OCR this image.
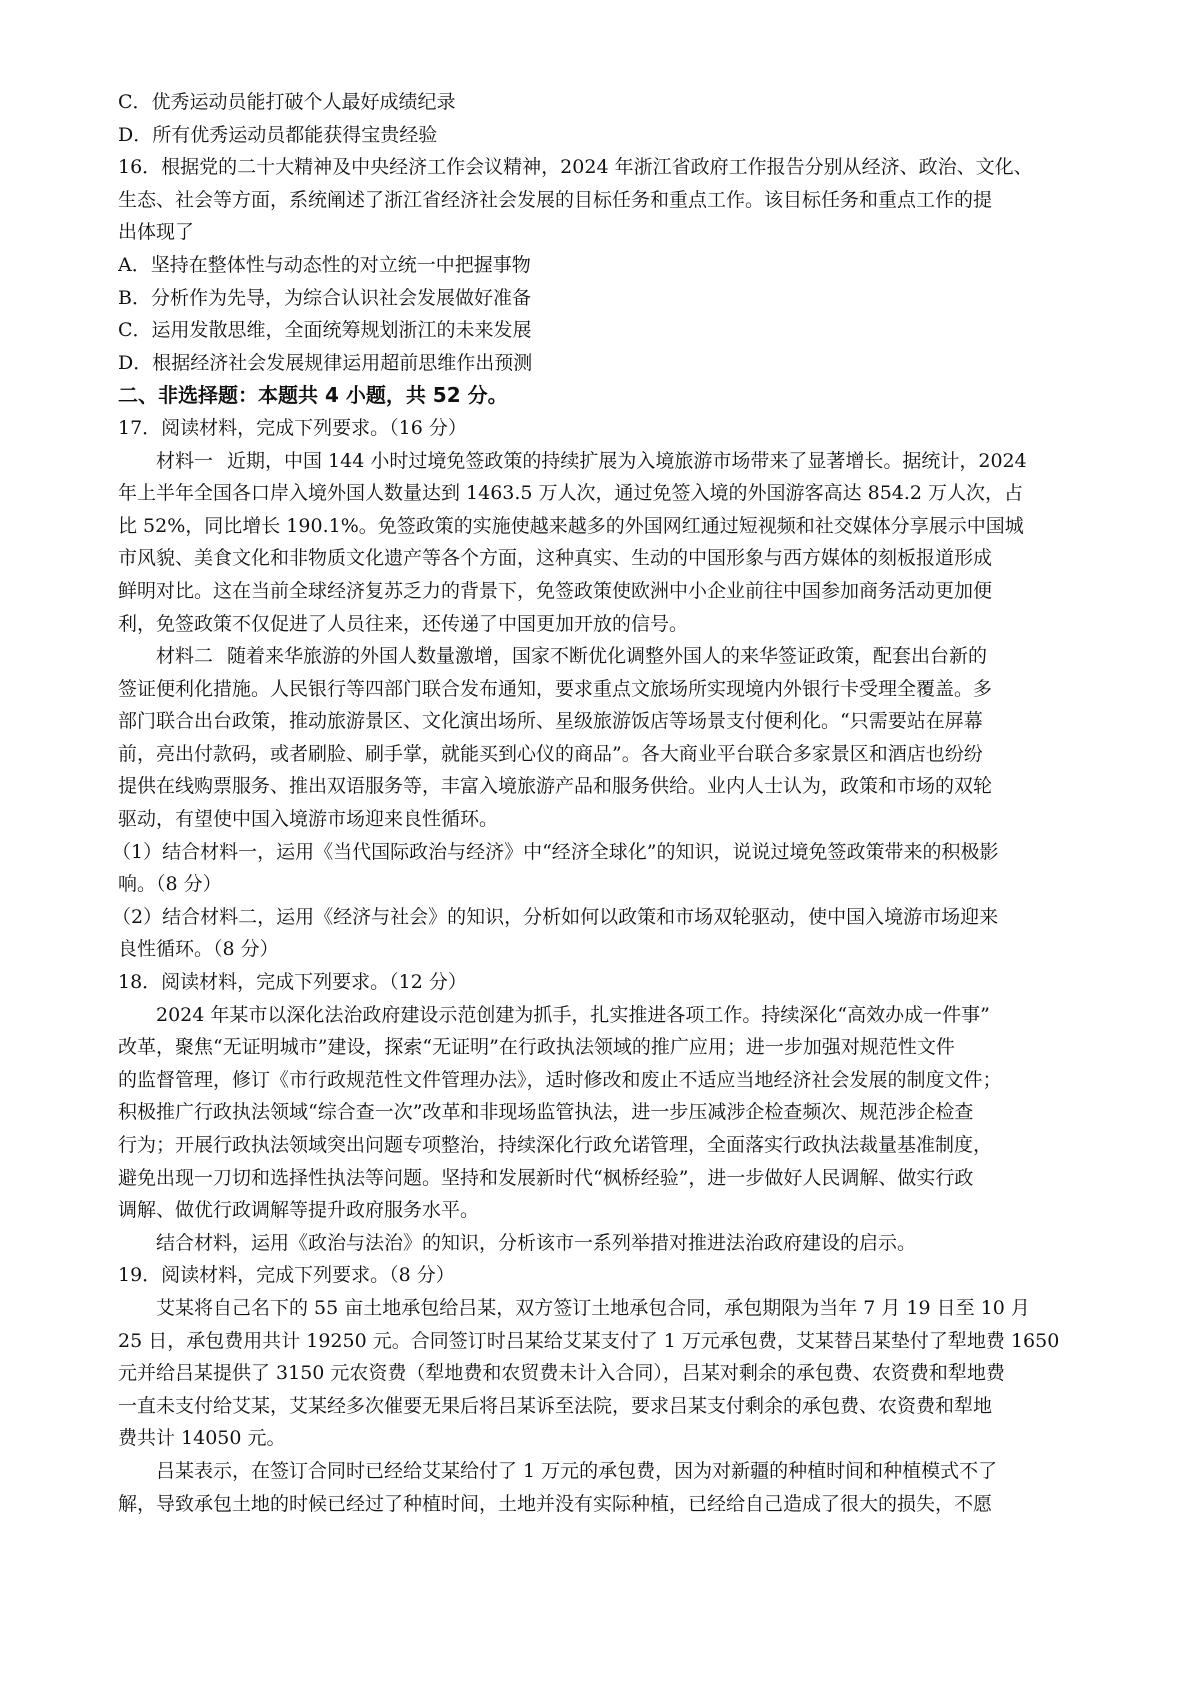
C．优秀运动员能打破个人最好成绩纪录
D．所有优秀运动员都能获得宝贵经验
16．根据党的二十大精神及中央经济工作会议精神，2024 年浙江省政府工作报告分别从经济、政治、文化、
生态、社会等方面，系统阐述了浙江省经济社会发展的目标任务和重点工作。该目标任务和重点工作的提
出体现了
A．坚持在整体性与动态性的对立统一中把握事物
B．分析作为先导，为综合认识社会发展做好准备
C．运用发散思维，全面统筹规划浙江的未来发展
D．根据经济社会发展规律运用超前思维作出预测
二、非选择题：本题共 4 小题，共 52 分。
17．阅读材料，完成下列要求。（16 分）
材料一 近期，中国 144 小时过境免签政策的持续扩展为入境旅游市场带来了显著增长。据统计，2024
年上半年全国各口岸入境外国人数量达到 1463.5 万人次，通过免签入境的外国游客高达 854.2 万人次，占
比 52%，同比增长 190.1%。免签政策的实施使越来越多的外国网红通过短视频和社交媒体分享展示中国城
市风貌、美食文化和非物质文化遗产等各个方面，这种真实、生动的中国形象与西方媒体的刻板报道形成
鲜明对比。这在当前全球经济复苏乏力的背景下，免签政策使欧洲中小企业前往中国参加商务活动更加便
利，免签政策不仅促进了人员往来，还传递了中国更加开放的信号。
材料二 随着来华旅游的外国人数量激增，国家不断优化调整外国人的来华签证政策，配套出台新的
签证便利化措施。人民银行等四部门联合发布通知，要求重点文旅场所实现境内外银行卡受理全覆盖。多
部门联合出台政策，推动旅游景区、文化演出场所、星级旅游饭店等场景支付便利化。“只需要站在屏幕
前，亮出付款码，或者刷脸、刷手掌，就能买到心仪的商品”。各大商业平台联合多家景区和酒店也纷纷
提供在线购票服务、推出双语服务等，丰富入境旅游产品和服务供给。业内人士认为，政策和市场的双轮
驱动，有望使中国入境游市场迎来良性循环。
（1）结合材料一，运用《当代国际政治与经济》中“经济全球化”的知识，说说过境免签政策带来的积极影
响。（8 分）
（2）结合材料二，运用《经济与社会》的知识，分析如何以政策和市场双轮驱动，使中国入境游市场迎来
良性循环。（8 分）
18．阅读材料，完成下列要求。（12 分）
2024 年某市以深化法治政府建设示范创建为抓手，扎实推进各项工作。持续深化“高效办成一件事”
改革，聚焦“无证明城市”建设，探索“无证明”在行政执法领域的推广应用；进一步加强对规范性文件
的监督管理，修订《市行政规范性文件管理办法》，适时修改和废止不适应当地经济社会发展的制度文件；
积极推广行政执法领域“综合查一次”改革和非现场监管执法，进一步压减涉企检查频次、规范涉企检查
行为；开展行政执法领域突出问题专项整治，持续深化行政允诺管理，全面落实行政执法裁量基准制度，
避免出现一刀切和选择性执法等问题。坚持和发展新时代“枫桥经验”，进一步做好人民调解、做实行政
调解、做优行政调解等提升政府服务水平。
结合材料，运用《政治与法治》的知识，分析该市一系列举措对推进法治政府建设的启示。
19．阅读材料，完成下列要求。（8 分）
艾某将自己名下的 55 亩土地承包给吕某，双方签订土地承包合同，承包期限为当年 7 月 19 日至 10 月
25 日，承包费用共计 19250 元。合同签订时吕某给艾某支付了 1 万元承包费，艾某替吕某垫付了犁地费 1650
元并给吕某提供了 3150 元农资费（犁地费和农贸费未计入合同），吕某对剩余的承包费、农资费和犁地费
一直未支付给艾某，艾某经多次催要无果后将吕某诉至法院，要求吕某支付剩余的承包费、农资费和犁地
费共计 14050 元。
吕某表示，在签订合同时已经给艾某给付了 1 万元的承包费，因为对新疆的种植时间和种植模式不了
解，导致承包土地的时候已经过了种植时间，土地并没有实际种植，已经给自己造成了很大的损失，不愿
